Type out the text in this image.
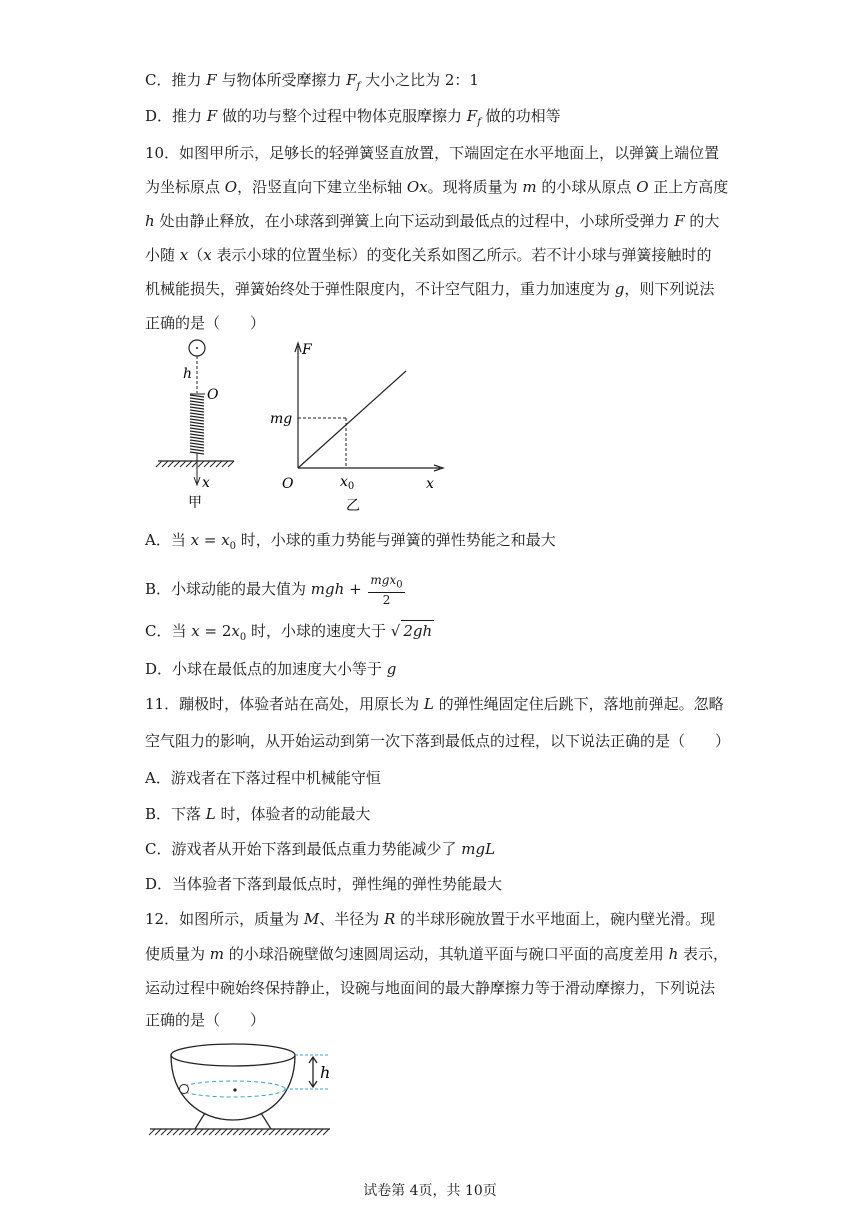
C．推力 F 与物体所受摩擦力 $F_f$ 大小之比为 2：1
D．推力 F 做的功与整个过程中物体克服摩擦力 $F_f$ 做的功相等
10．如图甲所示，足够长的轻弹簧竖直放置，下端固定在水平地面上，以弹簧上端位置
为坐标原点 O，沿竖直向下建立坐标轴 Ox。现将质量为 m 的小球从原点 O 正上方高度
h 处由静止释放，在小球落到弹簧上向下运动到最低点的过程中，小球所受弹力 F 的大
小随 x（x 表示小球的位置坐标）的变化关系如图乙所示。若不计小球与弹簧接触时的
机械能损失，弹簧始终处于弹性限度内，不计空气阻力，重力加速度为 g，则下列说法
正确的是（　　）
h
O
x
甲
F
x
mg
O	$x_0$
乙
A．当 $x = x_0$ 时，小球的重力势能与弹簧的弹性势能之和最大
B．小球动能的最大值为 mgh + $\frac{mgx_0}{2}$
C．当 $x = 2x_0$ 时，小球的速度大于 √ 2gh
D．小球在最低点的加速度大小等于 g
11．蹦极时，体验者站在高处，用原长为 L 的弹性绳固定住后跳下，落地前弹起。忽略
空气阻力的影响，从开始运动到第一次下落到最低点的过程，以下说法正确的是（　　）
A．游戏者在下落过程中机械能守恒
B．下落 L 时，体验者的动能最大
C．游戏者从开始下落到最低点重力势能减少了 mgL
D．当体验者下落到最低点时，弹性绳的弹性势能最大
12．如图所示，质量为 M、半径为 R 的半球形碗放置于水平地面上，碗内壁光滑。现
使质量为 m 的小球沿碗壁做匀速圆周运动，其轨道平面与碗口平面的高度差用 h 表示，
运动过程中碗始终保持静止，设碗与地面间的最大静摩擦力等于滑动摩擦力，下列说法
正确的是（　　）
h
试卷第 4页，共 10页
